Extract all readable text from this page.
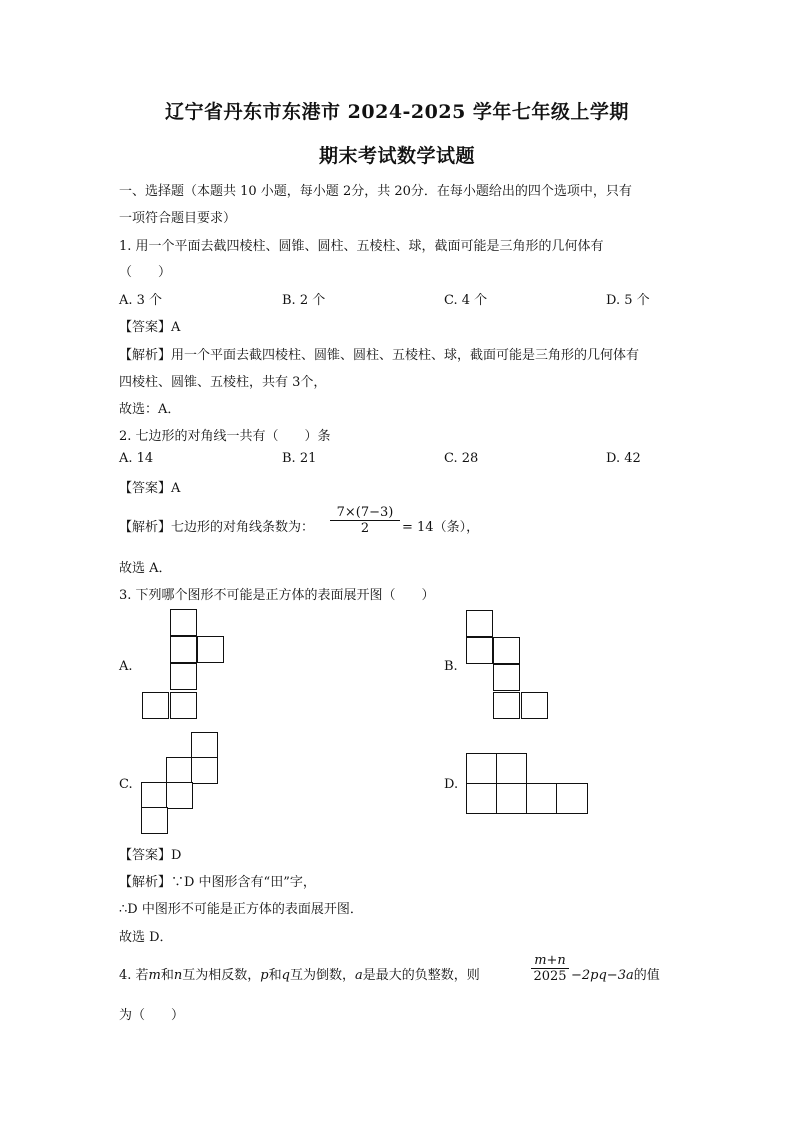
辽宁省丹东市东港市 2024-2025 学年七年级上学期
期末考试数学试题
一、选择题（本题共 10 小题，每小题 2分，共 20分．在每小题给出的四个选项中，只有
一项符合题目要求）
1. 用一个平面去截四棱柱、圆锥、圆柱、五棱柱、球，截面可能是三角形的几何体有
（　　）
A. 3 个	B. 2 个	C. 4 个	D. 5 个
【答案】A
【解析】用一个平面去截四棱柱、圆锥、圆柱、五棱柱、球，截面可能是三角形的几何体有
四棱柱、圆锥、五棱柱，共有 3个，
故选：A．
2. 七边形的对角线一共有（　　）条
A. 14	B. 21	C. 28	D. 42
【答案】A
【解析】七边形的对角线条数为：
7×(7−3)
2	= 14（条），
故选 A．
3. 下列哪个图形不可能是正方体的表面展开图（　　）
A.	B.
C.	D.
【答案】D
【解析】∵D 中图形含有“田”字，
∴D 中图形不可能是正方体的表面展开图．
故选 D．
4. 若m和n互为相反数，p和q互为倒数，a是最大的负整数，则
m+n
2025 −2pq−3a的值
为（　　）
